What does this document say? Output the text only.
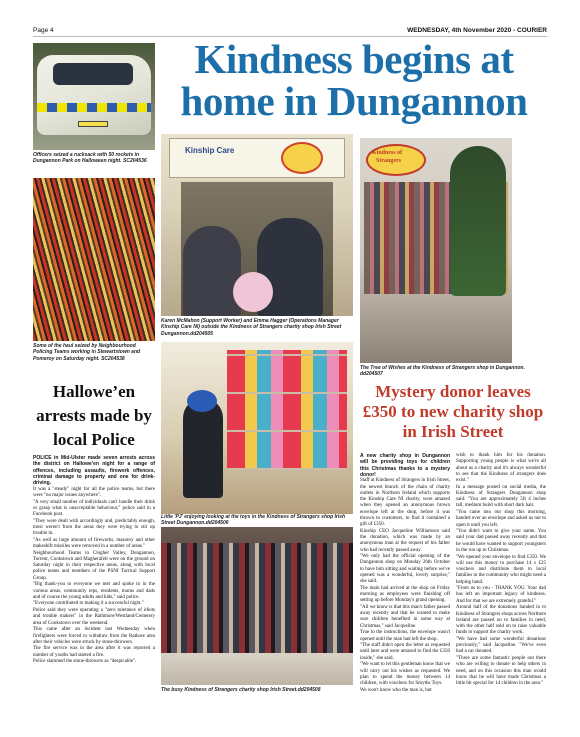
Page 4	WEDNESDAY, 4th November 2020 - COURIER
Officers seized a rucksack with 50 rockets in Dungannon Park on Halloween night. SC204536
Some of the haul seized by Neighbourhood Policing Teams working in Stewartstown and Pomeroy on Saturday night. SC204538
Hallowe’en arrests made by local Police

POLICE in Mid-Ulster made seven arrests across the district on Hallowe’en night for a range of offences, including assaults, firework offences, criminal damage to property and one for drink-driving.

It was a "steady" night for all the police teams, but there were "no major issues anywhere".

"A very small number of individuals can't handle their drink or grasp what is unacceptable behaviour," police said in a Facebook post.

"They were dealt with accordingly and, predictably enough, most weren't from the areas they were trying to stir up trouble in.

"As well as large amount of fireworks, masonry and other makeshift missiles were removed in a number of areas."

Neighbourhood Teams in Clogher Valley, Dungannon, Torrent, Cookstown and Magherafelt were on the ground on Saturday night in their respective areas, along with local police teams and members of the PSNI Tactical Support Group.

"Big thank-you to everyone we met and spoke to in the various areas, community reps, residents, mums and dads and of course the young adults and kids," said police.

"Everyone contributed to making it a successful night."

Police said they were operating a "zero tolerance of idiots and trouble makers" in the Rathmore/Westland/Cemetery area of Cookstown over the weekend.

This came after an incident last Wednesday when firefighters were forced to withdraw from the Rathore area after their vehicles were struck by stone-throwers.

The fire service was in the area after it was reported a number of youths had started a fire.

Police slammed the stone-throwers as "despicable".

Kindness begins at
home in Dungannon
Kinship Care
Karen McMahon (Support Worker) and Emma Hagger (Operations Manager Kinship Care NI) outside the Kindness of Strangers charity shop Irish Street Dungannon.dd204505
Little 'PJ' enjoying looking at the toys in the Kindness of Strangers shop Irish Street Dungannon.dd204506
The busy Kindness of Strangers charity shop Irish Street.dd204508
Kindness of
Strangers
The Tree of Wishes at the Kindness of Strangers shop in Dungannon. dd204507
Mystery donor leaves £350 to new charity shop in Irish Street

A new charity shop in Dungannon will be providing toys for children this Christmas thanks to a mystery donor!

Staff at Kindness of Strangers in Irish Street, the newest branch of the chain of charity outlets in Northern Ireland which supports the Kinship Care NI charity, were amazed when they opened an anonymous brown envelope left at the shop, before it was thrown to customers, to find it contained a gift of £350.

Kinship CEO Jacqueline Williamson said the donation, which was made by an anonymous man at the request of his father who had recently passed away.

"We only had the official opening of the Dungannon shop on Monday 26th October to have him sitting and waiting before we've opened was a wonderful, lovely surprise," she said.

The main had arrived at the shop on Friday morning as employees were finishing off setting up before Monday's grand opening.

"All we know is that this man's father passed away recently and that he wanted to make sure children benefited in some way at Christmas," said Jacqueline.

True to the instructions, the envelope wasn't opened until the man had left the shop.

"The staff didn't open the letter as requested until later and were amazed to find the £350 inside," she said.

"We want to let this gentleman know that we will carry out his wishes as requested. We plan to spend the money between 14 children, with vouchers for Smyths Toys.

We won't know who the man is, but

wish to thank him for his donation. Supporting young people is what we're all about as a charity and it's always wonderful to see that the Kindness of strangers does exist."

In a message posted on social media, the Kindness of Strangers Dungannon shop said: "You are approximately 5ft 4 inches tall, medium build with short dark hair.

"You came into our shop this morning, handed over an envelope and asked us not to open it until you left.

"You didn't want to give your name. You said your dad passed away recently and that he would have wanted to support youngsters in the run up to Christmas.

"We opened your envelope to find £350. We will use this money to purchase 14 x £25 vouchers and distribute them to local families in the community who might need a helping hand.

"From us to you - THANK YOU. Your dad has left an important legacy of kindness. And for that we are extremely grateful."

Around half of the donations handed in to Kindness of Strangers shops across Northern Ireland are passed on to families in need, with the other half sold on to raise valuable funds to support the charity work.

"We have had some wonderful donations previously," said Jacqueline. "We've even had a car donated.

"There are some fantastic people out there who are willing to donate to help others in need, and on this occasion this man would know that he will have made Christmas a little bit special for 14 children in the area."
